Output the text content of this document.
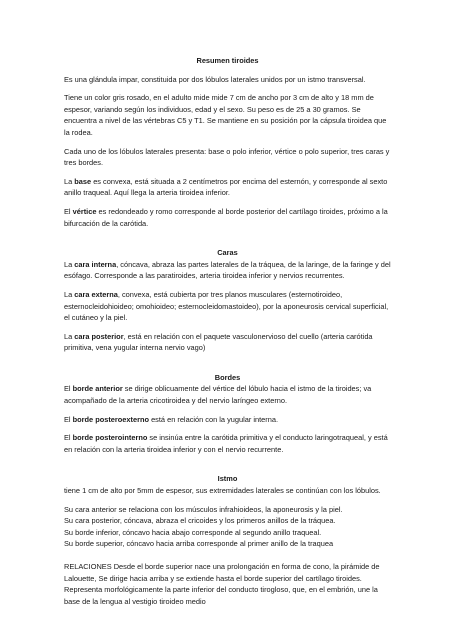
Resumen tiroides

Es una glándula impar, constituida por dos lóbulos laterales unidos por un istmo transversal.

Tiene un color gris rosado, en el adulto mide mide 7 cm de ancho por 3 cm de alto y 18 mm de espesor, variando según los individuos, edad y el sexo. Su peso es de 25 a 30 gramos. Se encuentra a nivel de las vértebras C5 y T1. Se mantiene en su posición por la cápsula tiroidea que la rodea.

Cada uno de los lóbulos laterales presenta: base o polo inferior, vértice o polo superior, tres caras y tres bordes.

La base es convexa, está situada a 2 centímetros por encima del esternón, y corresponde al sexto anillo traqueal. Aquí llega la arteria tiroidea inferior.

El vértice es redondeado y romo corresponde al borde posterior del cartílago tiroides, próximo a la bifurcación de la carótida.

Caras

La cara interna, cóncava, abraza las partes laterales de la tráquea, de la laringe, de la faringe y del esófago. Corresponde a las paratiroides, arteria tiroidea inferior y nervios recurrentes.

La cara externa, convexa, está cubierta por tres planos musculares (esternotiroideo, esternocleidohioideo; omohioideo; esternocleidomastoideo), por la aponeurosis cervical superficial, el cutáneo y la piel.

La cara posterior, está en relación con el paquete vasculonervioso del cuello (arteria carótida primitiva, vena yugular interna nervio vago)

Bordes

El borde anterior se dirige oblicuamente del vértice del lóbulo hacia el istmo de la tiroides; va acompañado de la arteria cricotiroidea y del nervio laríngeo externo.

El borde posteroexterno está en relación con la yugular interna.

El borde posterointerno se insinúa entre la carótida primitiva y el conducto laringotraqueal, y está en relación con la arteria tiroidea inferior y con el nervio recurrente.

Istmo

tiene 1 cm de alto por 5mm de espesor, sus extremidades laterales se continúan con los lóbulos.

Su cara anterior se relaciona con los músculos infrahioideos, la aponeurosis y la piel.

Su cara posterior, cóncava, abraza el cricoides y los primeros anillos de la tráquea.

Su borde inferior, cóncavo hacia abajo corresponde al segundo anillo traqueal.

Su borde superior, cóncavo hacia arriba corresponde al primer anillo de la traquea

RELACIONES Desde el borde superior nace una prolongación en forma de cono, la pirámide de Lalouette, Se dirige hacia arriba y se extiende hasta el borde superior del cartílago tiroides. Representa morfológicamente la parte inferior del conducto tirogloso, que, en el embrión, une la base de la lengua al vestigio tiroideo medio
